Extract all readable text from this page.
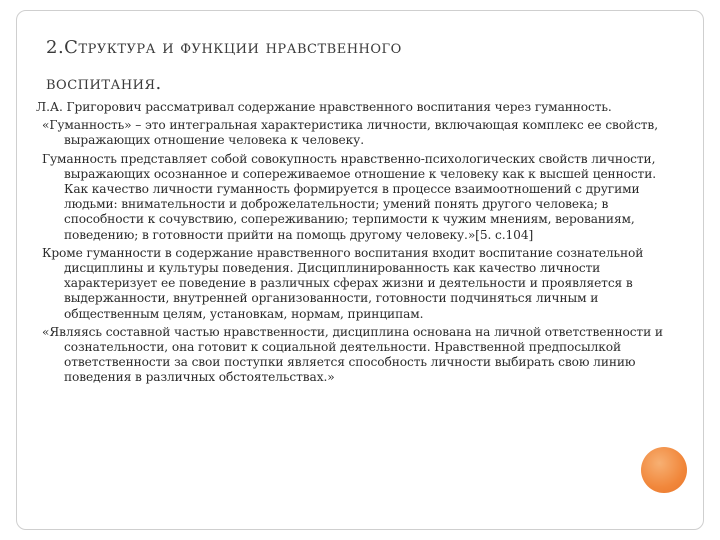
2.Структура и функции нравственного
воспитания.

Л.А. Григорович рассматривал содержание нравственного воспитания через гуманность.

«Гуманность» – это интегральная характеристика личности, включающая комплекс ее свойств, выражающих отношение человека к человеку.

Гуманность представляет собой совокупность нравственно-психологических свойств личности, выражающих осознанное и сопереживаемое отношение к человеку как к высшей ценности. Как качество личности гуманность формируется в процессе взаимоотношений с другими людьми: внимательности и доброжелательности; умений понять другого человека; в способности к сочувствию, сопереживанию; терпимости к чужим мнениям, верованиям, поведению; в готовности прийти на помощь другому человеку.»[5. с.104]

Кроме гуманности в содержание нравственного воспитания входит воспитание сознательной дисциплины и культуры поведения. Дисциплинированность как качество личности характеризует ее поведение в различных сферах жизни и деятельности и проявляется в выдержанности, внутренней организованности, готовности подчиняться личным и общественным целям, установкам, нормам, принципам.

«Являясь составной частью нравственности, дисциплина основана на личной ответственности и сознательности, она готовит к социальной деятельности. Нравственной предпосылкой ответственности за свои поступки является способность личности выбирать свою линию поведения в различных обстоятельствах.»
